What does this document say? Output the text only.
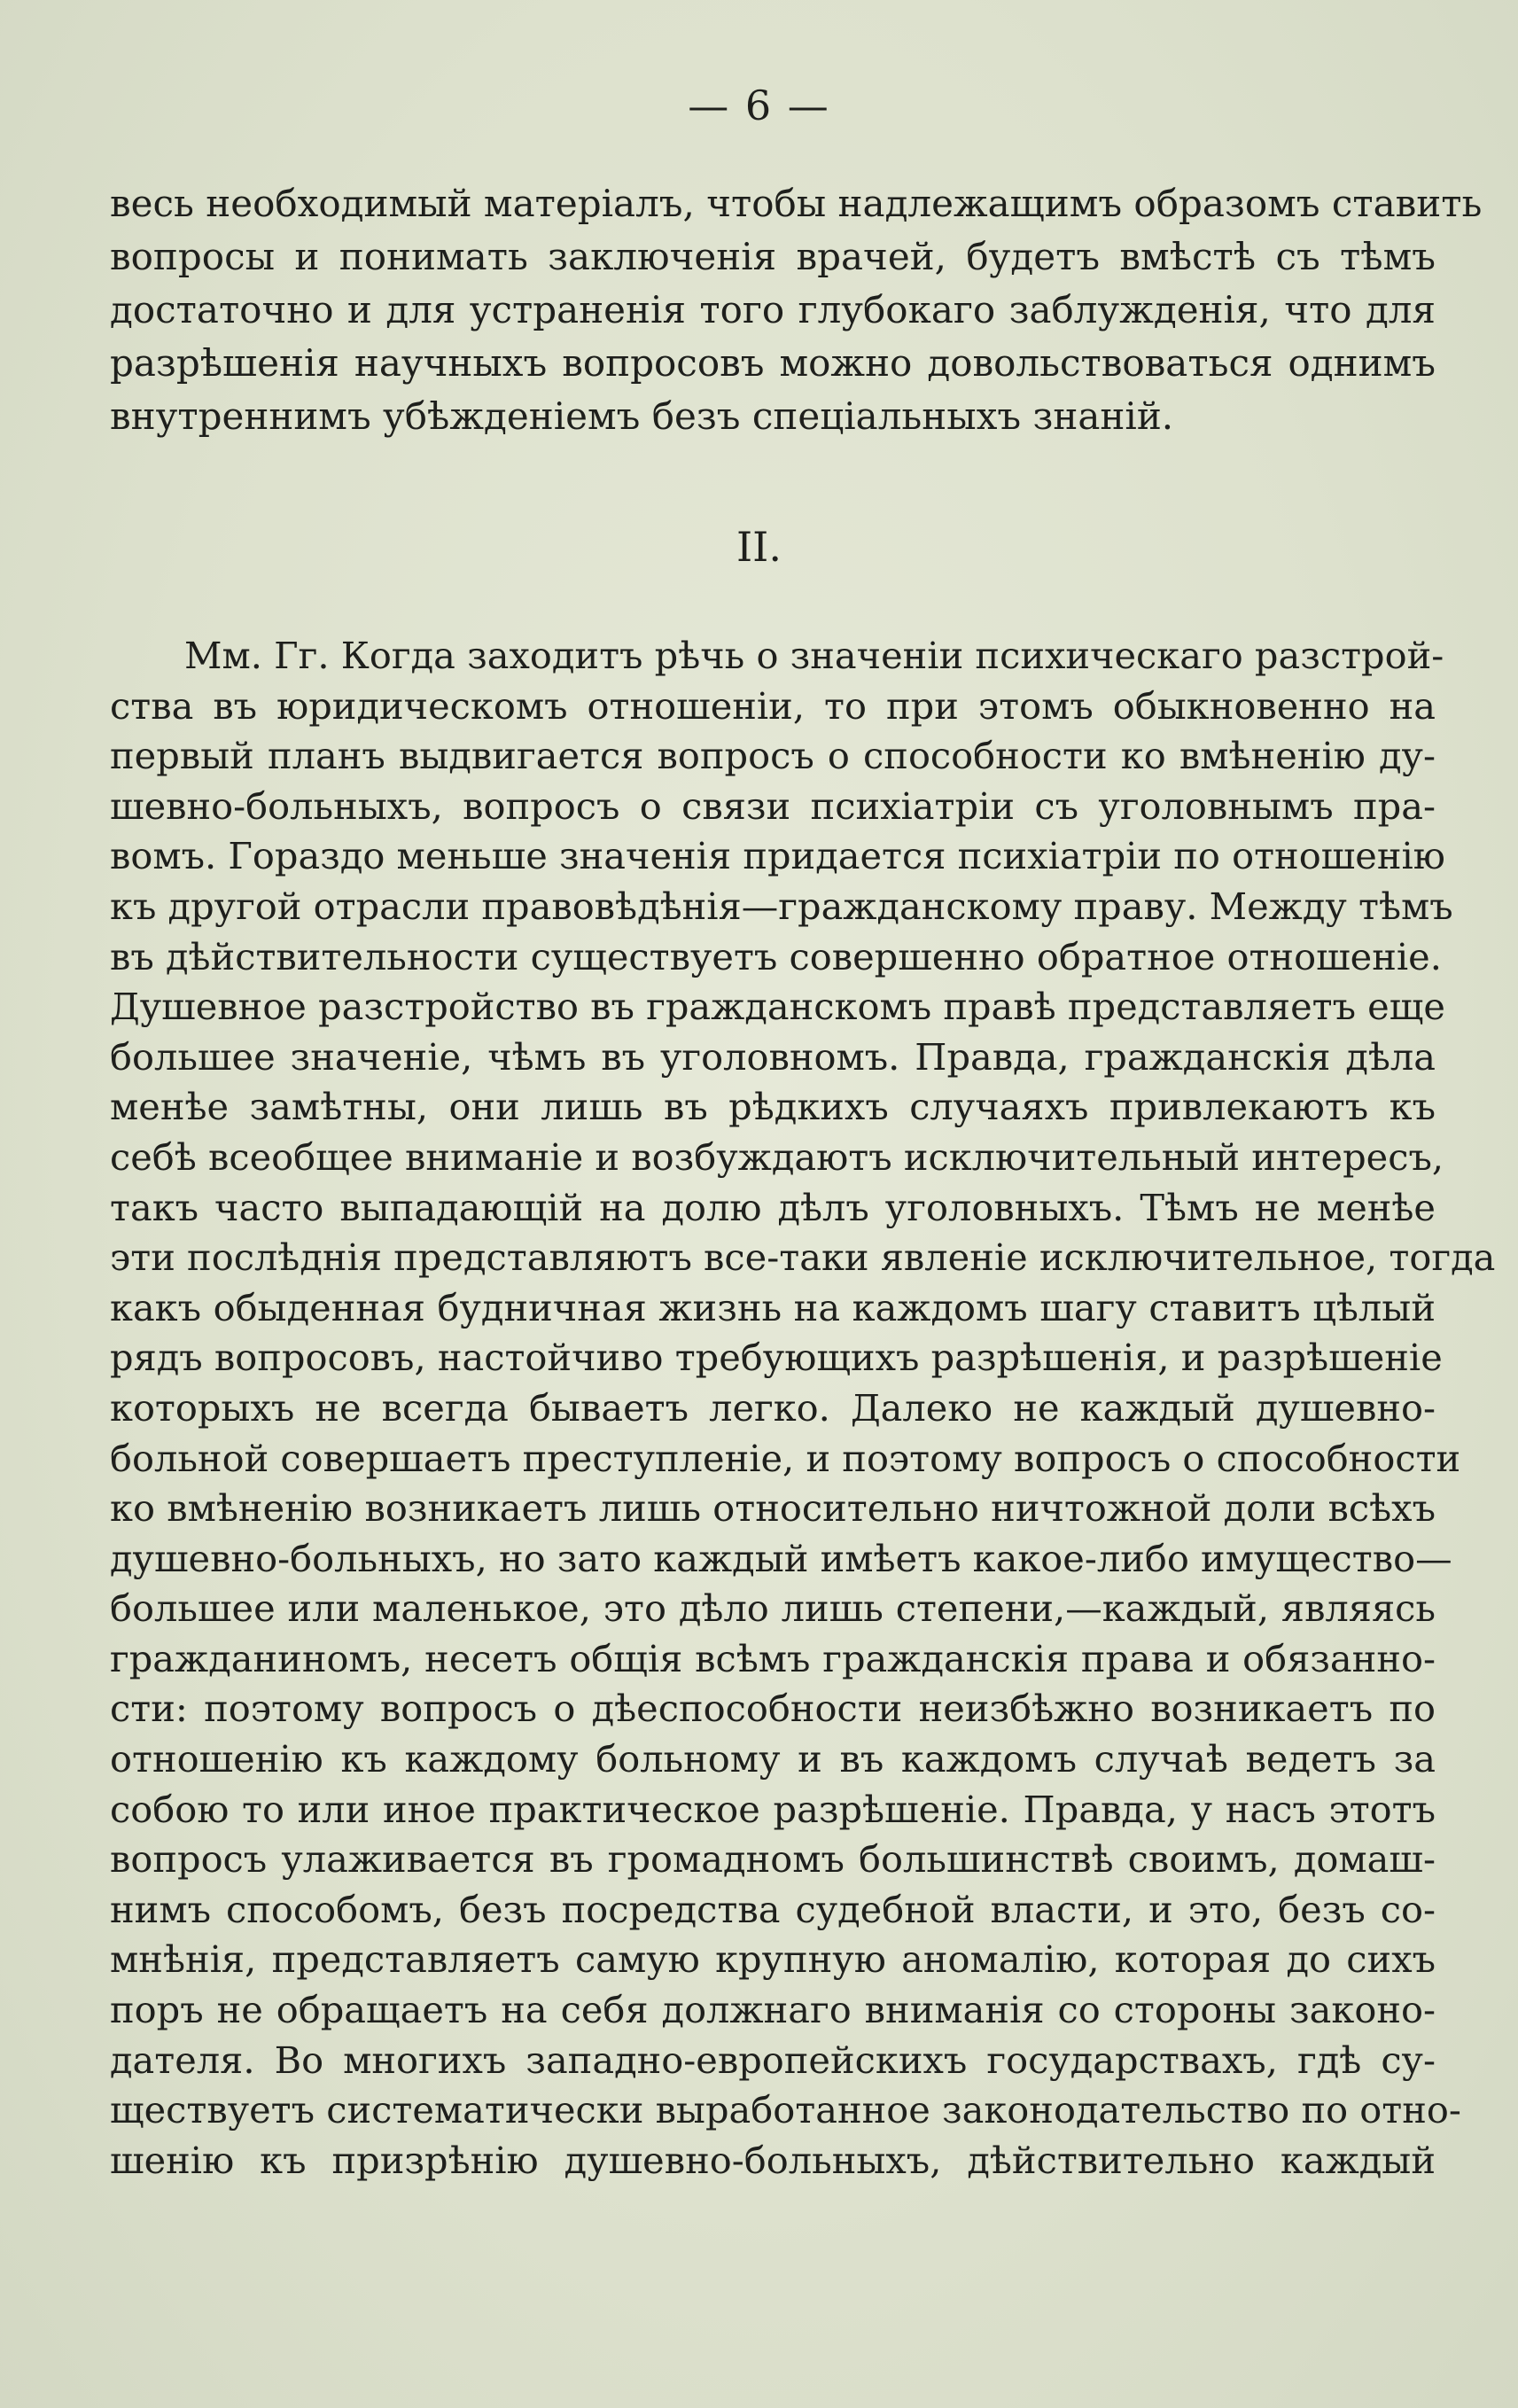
— 6 —
весь необходимый матеріалъ, чтобы надлежащимъ образомъ ставить
вопросы и понимать заключенія врачей, будетъ вмѣстѣ съ тѣмъ
достаточно и для устраненія того глубокаго заблужденія, что для
разрѣшенія научныхъ вопросовъ можно довольствоваться однимъ
внутреннимъ убѣжденіемъ безъ спеціальныхъ знаній.
II.
Мм. Гг. Когда заходитъ рѣчь о значеніи психическаго разстрой-
ства въ юридическомъ отношеніи, то при этомъ обыкновенно на
первый планъ выдвигается вопросъ о способности ко вмѣненію ду-
шевно-больныхъ, вопросъ о связи психіатріи съ уголовнымъ пра-
вомъ. Гораздо меньше значенія придается психіатріи по отношенію
къ другой отрасли правовѣдѣнія—гражданскому праву. Между тѣмъ
въ дѣйствительности существуетъ совершенно обратное отношеніе.
Душевное разстройство въ гражданскомъ правѣ представляетъ еще
большее значеніе, чѣмъ въ уголовномъ. Правда, гражданскія дѣла
менѣе замѣтны, они лишь въ рѣдкихъ случаяхъ привлекаютъ къ
себѣ всеобщее вниманіе и возбуждаютъ исключительный интересъ,
такъ часто выпадающій на долю дѣлъ уголовныхъ. Тѣмъ не менѣе
эти послѣднія представляютъ все-таки явленіе исключительное, тогда
какъ обыденная будничная жизнь на каждомъ шагу ставитъ цѣлый
рядъ вопросовъ, настойчиво требующихъ разрѣшенія, и разрѣшеніе
которыхъ не всегда бываетъ легко. Далеко не каждый душевно-
больной совершаетъ преступленіе, и поэтому вопросъ о способности
ко вмѣненію возникаетъ лишь относительно ничтожной доли всѣхъ
душевно-больныхъ, но зато каждый имѣетъ какое-либо имущество—
большее или маленькое, это дѣло лишь степени,—каждый, являясь
гражданиномъ, несетъ общія всѣмъ гражданскія права и обязанно-
сти: поэтому вопросъ о дѣеспособности неизбѣжно возникаетъ по
отношенію къ каждому больному и въ каждомъ случаѣ ведетъ за
собою то или иное практическое разрѣшеніе. Правда, у насъ этотъ
вопросъ улаживается въ громадномъ большинствѣ своимъ, домаш-
нимъ способомъ, безъ посредства судебной власти, и это, безъ со-
мнѣнія, представляетъ самую крупную аномалію, которая до сихъ
поръ не обращаетъ на себя должнаго вниманія со стороны законо-
дателя. Во многихъ западно-европейскихъ государствахъ, гдѣ су-
ществуетъ систематически выработанное законодательство по отно-
шенію къ призрѣнію душевно-больныхъ, дѣйствительно каждый
